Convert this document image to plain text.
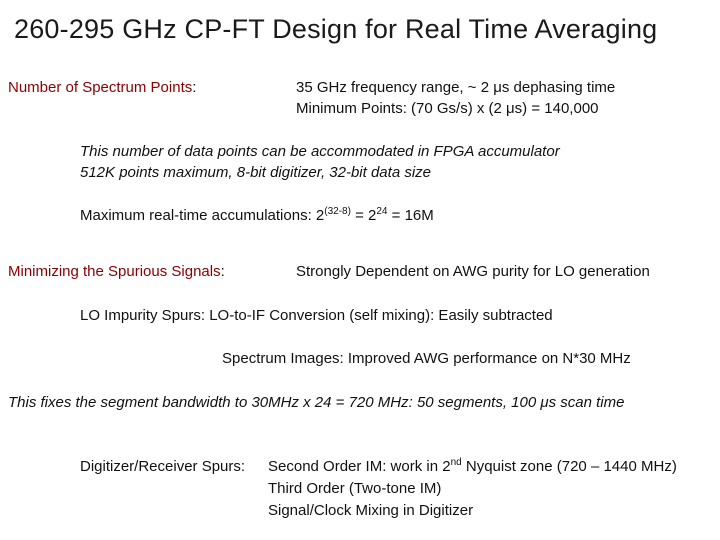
260-295 GHz CP-FT Design for Real Time Averaging
Number of Spectrum Points:	35 GHz frequency range, ~ 2 μs dephasing time
Minimum Points: (70 Gs/s) x (2 μs) = 140,000
This number of data points can be accommodated in FPGA accumulator
512K points maximum, 8-bit digitizer, 32-bit data size
Maximum real-time accumulations: $2^{(32-8)} = 2^{24} = 16M$
Minimizing the Spurious Signals:	Strongly Dependent on AWG purity for LO generation
LO Impurity Spurs: LO-to-IF Conversion (self mixing): Easily subtracted
Spectrum Images: Improved AWG performance on N*30 MHz
This fixes the segment bandwidth to 30MHz x 24 = 720 MHz: 50 segments, 100 μs scan time
Digitizer/Receiver Spurs: Second Order IM: work in 2nd Nyquist zone (720 – 1440 MHz)
Third Order (Two-tone IM)
Signal/Clock Mixing in Digitizer
